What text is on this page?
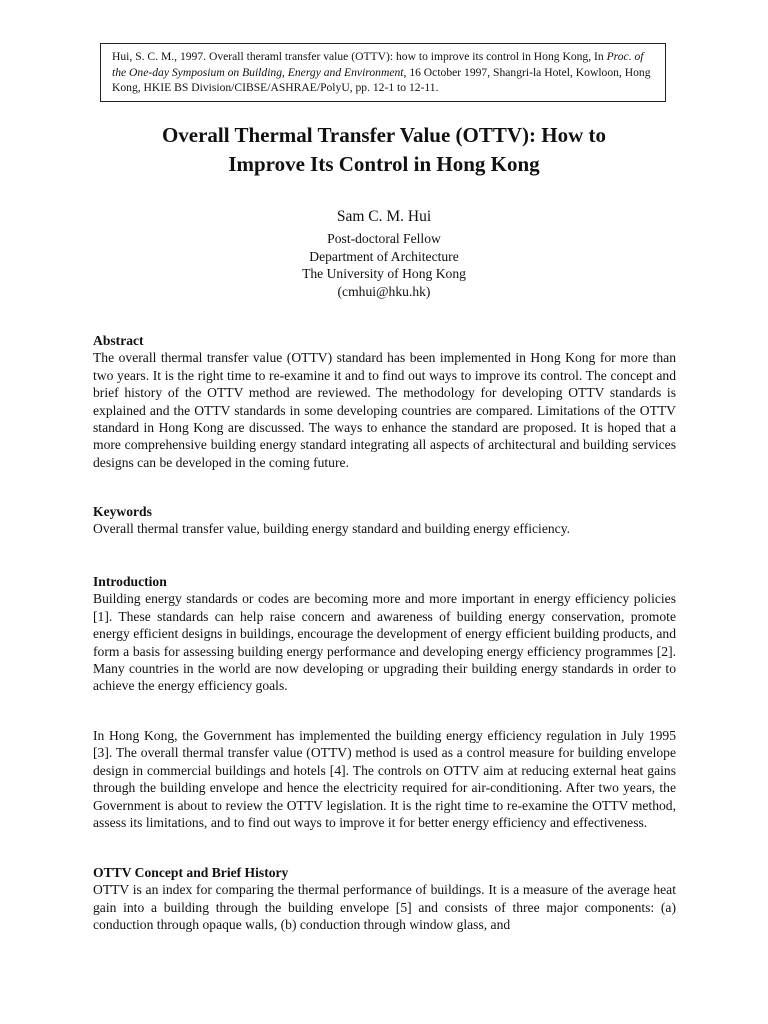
Hui, S. C. M., 1997. Overall theraml transfer value (OTTV): how to improve its control in Hong Kong, In Proc. of the One-day Symposium on Building, Energy and Environment, 16 October 1997, Shangri-la Hotel, Kowloon, Hong Kong, HKIE BS Division/CIBSE/ASHRAE/PolyU, pp. 12-1 to 12-11.
Overall Thermal Transfer Value (OTTV): How to
Improve Its Control in Hong Kong
Sam C. M. Hui
Post-doctoral Fellow
Department of Architecture
The University of Hong Kong
(cmhui@hku.hk)
Abstract
The overall thermal transfer value (OTTV) standard has been implemented in Hong Kong for more than two years. It is the right time to re-examine it and to find out ways to improve its control. The concept and brief history of the OTTV method are reviewed. The methodology for developing OTTV standards is explained and the OTTV standards in some developing countries are compared. Limitations of the OTTV standard in Hong Kong are discussed. The ways to enhance the standard are proposed. It is hoped that a more comprehensive building energy standard integrating all aspects of architectural and building services designs can be developed in the coming future.
Keywords
Overall thermal transfer value, building energy standard and building energy efficiency.
Introduction
Building energy standards or codes are becoming more and more important in energy efficiency policies [1]. These standards can help raise concern and awareness of building energy conservation, promote energy efficient designs in buildings, encourage the development of energy efficient building products, and form a basis for assessing building energy performance and developing energy efficiency programmes [2]. Many countries in the world are now developing or upgrading their building energy standards in order to achieve the energy efficiency goals.
In Hong Kong, the Government has implemented the building energy efficiency regulation in July 1995 [3]. The overall thermal transfer value (OTTV) method is used as a control measure for building envelope design in commercial buildings and hotels [4]. The controls on OTTV aim at reducing external heat gains through the building envelope and hence the electricity required for air-conditioning. After two years, the Government is about to review the OTTV legislation. It is the right time to re-examine the OTTV method, assess its limitations, and to find out ways to improve it for better energy efficiency and effectiveness.
OTTV Concept and Brief History
OTTV is an index for comparing the thermal performance of buildings. It is a measure of the average heat gain into a building through the building envelope [5] and consists of three major components: (a) conduction through opaque walls, (b) conduction through window glass, and
